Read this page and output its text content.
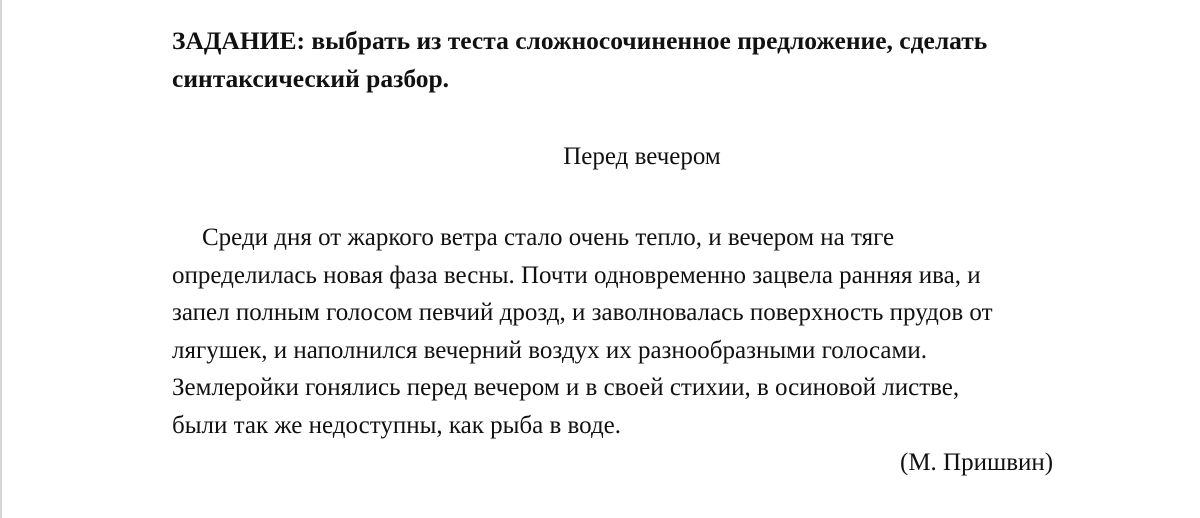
ЗАДАНИЕ: выбрать из теста сложносочиненное предложение, сделать
синтаксический разбор.
Перед вечером
Среди дня от жаркого ветра стало очень тепло, и вечером на тяге
определилась новая фаза весны. Почти одновременно зацвела ранняя ива, и
запел полным голосом певчий дрозд, и заволновалась поверхность прудов от
лягушек, и наполнился вечерний воздух их разнообразными голосами.
Землеройки гонялись перед вечером и в своей стихии, в осиновой листве,
были так же недоступны, как рыба в воде.
(М. Пришвин)
